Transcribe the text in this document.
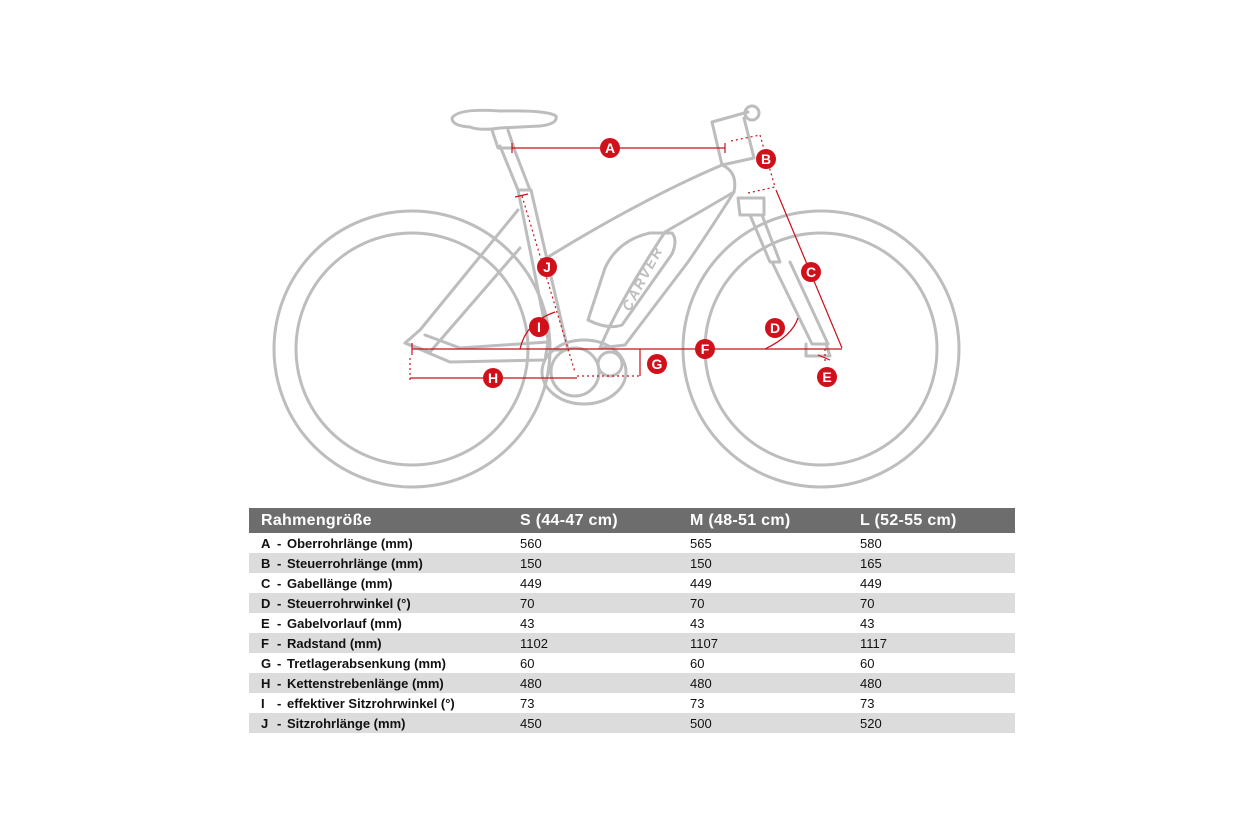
CARVER
A
B
C
D
E
F
G
H
I
J
Rahmengröße	S (44-47 cm)	M (48-51 cm)	L (52-55 cm)
A - Oberrohrlänge (mm)	560	565	580
B - Steuerrohrlänge (mm)	150	150	165
C - Gabellänge (mm)	449	449	449
D - Steuerrohrwinkel (°)	70	70	70
E - Gabelvorlauf (mm)	43	43	43
F - Radstand (mm)	1102	1107	1117
G - Tretlagerabsenkung (mm)	60	60	60
H - Kettenstrebenlänge (mm)	480	480	480
I - effektiver Sitzrohrwinkel (°)	73	73	73
J - Sitzrohrlänge (mm)	450	500	520
